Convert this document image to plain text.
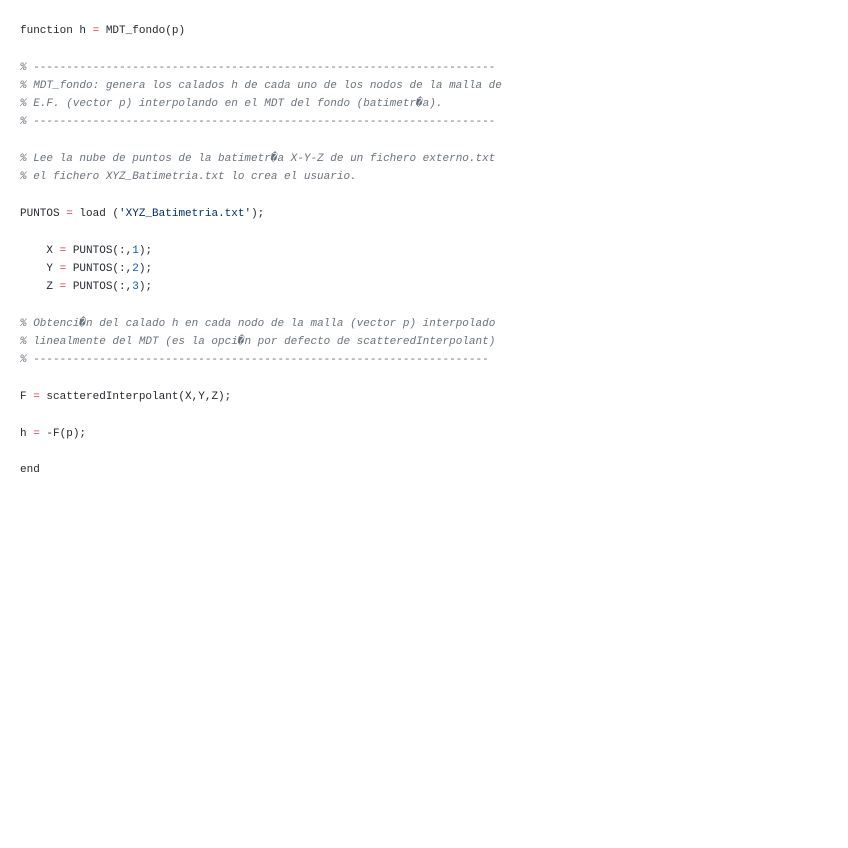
function h = MDT_fondo(p)
% ----------------------------------------------------------------------
% MDT_fondo: genera los calados h de cada uno de los nodos de la malla de
% E.F. (vector p) interpolando en el MDT del fondo (batimetr�a).
% ----------------------------------------------------------------------
% Lee la nube de puntos de la batimetr�a X-Y-Z de un fichero externo.txt
% el fichero XYZ_Batimetria.txt lo crea el usuario.
PUNTOS = load ('XYZ_Batimetria.txt');
X = PUNTOS(:,1);
Y = PUNTOS(:,2);
Z = PUNTOS(:,3);
% Obtenci�n del calado h en cada nodo de la malla (vector p) interpolado
% linealmente del MDT (es la opci�n por defecto de scatteredInterpolant)
% ---------------------------------------------------------------------
F = scatteredInterpolant(X,Y,Z);
h = -F(p);
end
